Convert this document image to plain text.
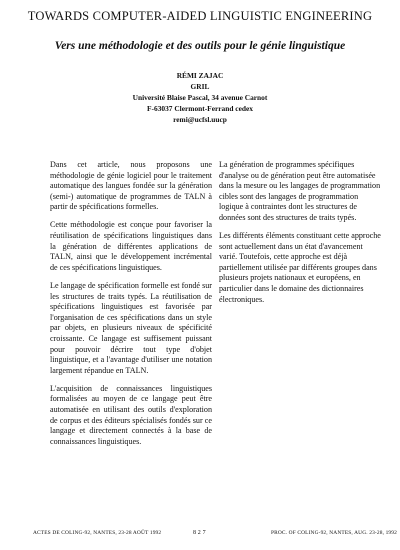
TOWARDS COMPUTER-AIDED LINGUISTIC ENGINEERING
Vers une méthodologie et des outils pour le génie linguistique
RÉMI ZAJAC
GRIL
Université Blaise Pascal, 34 avenue Carnot
F-63037 Clermont-Ferrand cedex
remi@ucfsl.uucp

Dans cet article, nous proposons une méthodologie de génie logiciel pour le traitement automatique des langues fondée sur la génération (semi-) automatique de programmes de TALN à partir de spécifications formelles.

Cette méthodologie est conçue pour favoriser la réutilisation de spécifications linguistiques dans la génération de différentes applications de TALN, ainsi que le développement incrémental de ces spécifications linguistiques.

Le langage de spécification formelle est fondé sur les structures de traits typés. La réutilisation de spécifications linguistiques est favorisée par l'organisation de ces spécifications dans un style par objets, en plusieurs niveaux de spécificité croissante. Ce langage est suffisement puissant pour pouvoir décrire tout type d'objet linguistique, et a l'avantage d'utiliser une notation largement répandue en TALN.

L'acquisition de connaissances linguistiques formalisées au moyen de ce langage peut être automatisée en utilisant des outils d'exploration de corpus et des éditeurs spécialisés fondés sur ce langage et directement connectés à la base de connaissances linguistiques.

La génération de programmes spécifiques d'analyse ou de génération peut être automatisée dans la mesure ou les langages de programmation cibles sont des langages de programmation logique à contraintes dont les structures de données sont des structures de traits typés.

Les différents éléments constituant cette approche sont actuellement dans un état d'avancement varié. Toutefois, cette approche est déjà partiellement utilisée par différents groupes dans plusieurs projets nationaux et européens, en particulier dans le domaine des dictionnaires électroniques.

ACTES DE COLING-92, NANTES, 23-28 AOÛT 1992	8 2 7	PROC. OF COLING-92, NANTES, AUG. 23-28, 1992
